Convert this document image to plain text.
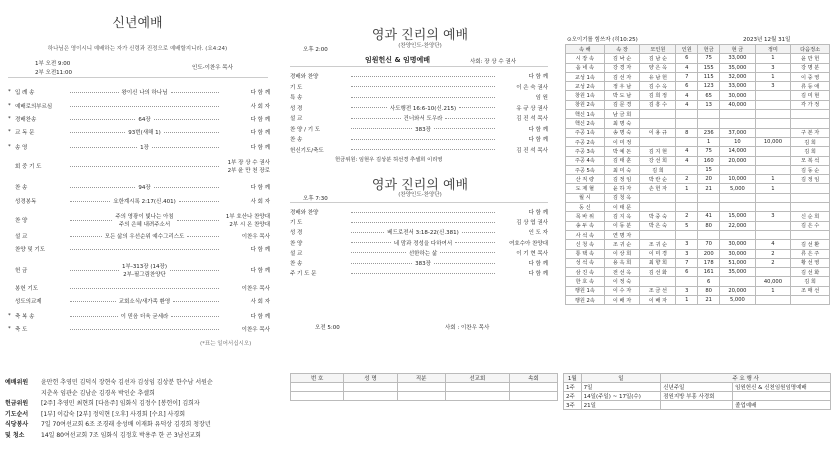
신년예배
하나님은 영이시니 예배하는 자가 신령과 진정으로 예배할지니라. (요4:24)
1부 오전 9:00
2부 오전11:00
인도-이찬우 목사
* 입 례 송	왕이신 나의 하나님	다 함 께
* 예배로의부르심	사 회 자
* 경배찬송	64장	다 함 께
* 교 독 문	93번(새해 1)	다 함 께
* 송 영	1장	다 함 께
회 중 기 도
1부 장 상 수 권사
2부 윤 만 천 장로
찬 송	94장	다 함 께
성경봉독	요한계시록 2:17(신.401)	사 회 자
찬 양
주의 영광이 빛나는 아침
주의 은혜 내려주소서
1부 호산나 찬양대
2부 시 온 찬양대
설 교	모든 삶의 우선순위 예수그리스도	이찬우 목사
찬양 및 기도	다 함 께
헌 금
1부-313장 (14장)
2부-필그림찬양단
다 함 께
봉헌 기도	이찬우 목사
성도의교제	교회소식/새가족 환영	사 회 자
* 축 복 송	이 믿음 더욱 굳세라	다 함 께
* 축 도	이찬우 목사
(*표는 일어서십시오)
예배위원 윤만헌 추영민 김덕식 장현숙 김선자 김성임 김상분 한수남 서원순
지춘옥 임관순 김남순 김경옥 박인순 추셀희
헌금위원 [2주] 추영민 최현희 [다음주] 임화식 김정수 [봉헌이] 김희자
기도순서 [1부] 이갑숙 [2부] 정익현 [오후] 사경회 [수요] 사경회
식당봉사 7일 70여선교회 6조 조경래 송성배 이재화 유덕상 김경희 청장년
및 청소	14일 80여선교회 7조 임화식 김정호 박용주 한 곤 3남선교회
영과 진리의 예배
(찬양인도-찬양단)
오후 2:00
임원헌신 & 임명예배	사회: 장 상 수 권사
경배와 찬양	다 함 께
기 도	이 은 숙 권사
특 송	임 원
성 경	사도행전 16:6-10(신.215)	유 규 상 권사
설 교	건너와서 도우라	김 진 석 목사
찬 양 / 기 도	383장	다 함 께
찬 송	다 함 께
헌신기도/축도	김 진 석 목사
헌금위원: 임현우 김상분 허선경 추셀희 이리영
영과 진리의 예배
(찬양인도-찬양단)
오후 7:30
경배와 찬양	다 함 께
기 도	김 상 엽 권사
성 경	베드로전서 3:18-22(신.381)	인 도 자
찬 양	네 맘과 정성을 다하여서	여호수아 찬양대
설 교	선한하는 삶	이 기 현 목사
찬 송	383장	다 함 께
주 기 도 문	다 함 께
오전 5:00	사회 : 이찬우 목사
번 호	성 명	직분	선교회	속회

⊙오이기를 힘쓰자 (히10:25)	2023년 12월 31일
속 해	속 장	모인원	인원	헌금	현 금	정미	다음정소
시 장 속	김 낙 순	김 남 순	6	75	33,000	1	윤 만 헌
옵 네 속	강 경 자	양 은 옥	4	155	35,000	3	강 명 분
교성 1속	김 선 자	유 남 헌	7	115	32,000	1	이 중 영
교성 2속	정 우 남	김 수 옥	6	123	33,000	3	류 등 애
창원 1속	박 도 남	김 희 정	4	65	30,000		김 미 현
창원 2속	김 문 경	김 흥 수	4	13	40,000		각 가 정
핵신 1속	남 금 희						
핵신 2속	최 명 숙						
주공 1속	송 명 숙	이 용 규	8	236	37,000		구 본 자
주공 2속	이 미 정			1	10	10,000	김 희
주공 3속	박 예 돈	김 지 현	4	75	14,000		김 희
주공 4속	김 태 훈	강 선 희	4	160	20,000		모 복 석
주공 5속	최 미 숙	김 희		15			김 동 순
산 직 량	김 정 임	박 란 순	2	20	10,000	1	김 정 임
도 제 혈	윤 하 자	손 헌 자	1	21	5,000	1	
월 시	김 청 옥						
동 신	이 태 문						
목 바 위	김 지 옥	박 중 숙	2	41	15,000	3	신 순 희
송 두 속	이 동 분	박 은 숙	5	80	22,000		김 은 수
사 석 속	연 명 자						
신 청 속	조 귀 순	조 귀 순	3	70	30,000	4	김 선 환
통 택 속	이 상 희	이 미 경	3	200	30,000	2	류 은 주
성 석 속	용 옥 희	최 향 희	7	178	51,000	2	황 선 영
삼 진 속	전 선 옥	김 선 화	6	161	35,000		김 선 화
한 호 속	이 정 숙			6		40,000	김 희
행원 1속	이 수 자	조 금 선	3	80	20,000	1	조 매 선
행원 2속	이 배 자	이 배 자	1	21	5,000		
1월	일	주 요 행 사	
1주	7일	신년주일	임원헌신 & 신천임원임명예배
2주	14일(주일) ~ 17일(수)	점원지방 부흥 사경회	
3주	21일		졸업예배
